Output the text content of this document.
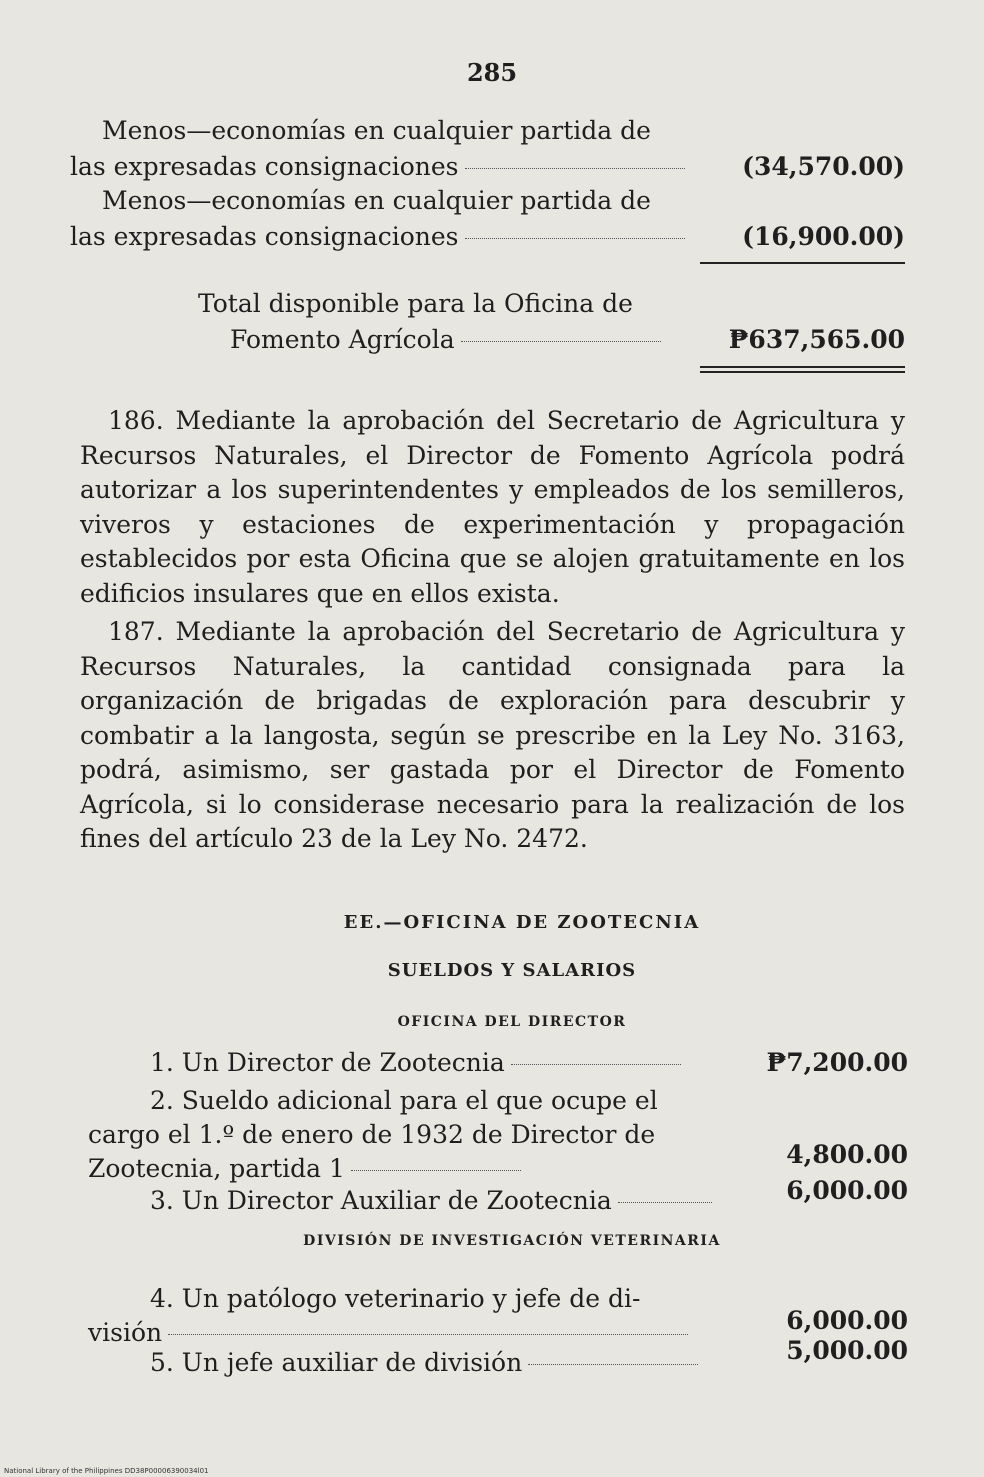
285
Menos—economías en cualquier partida de
las expresadas consignaciones	(34,570.00)
Menos—economías en cualquier partida de
las expresadas consignaciones	(16,900.00)
Total disponible para la Oficina de
Fomento Agrícola	₱637,565.00
186. Mediante la aprobación del Secretario de Agricultura y Recursos Naturales, el Director de Fomento Agrícola podrá autorizar a los superintendentes y empleados de los semilleros, viveros y estaciones de experimentación y propagación establecidos por esta Oficina que se alojen gratuitamente en los edificios insulares que en ellos exista.
187. Mediante la aprobación del Secretario de Agricultura y Recursos Naturales, la cantidad consignada para la organización de brigadas de exploración para descubrir y combatir a la langosta, según se prescribe en la Ley No. 3163, podrá, asimismo, ser gastada por el Director de Fomento Agrícola, si lo considerase necesario para la realización de los fines del artículo 23 de la Ley No. 2472.
EE.—OFICINA DE ZOOTECNIA
SUELDOS Y SALARIOS
OFICINA DEL DIRECTOR
1. Un Director de Zootecnia	₱7,200.00
2. Sueldo adicional para el que ocupe el
cargo el 1.º de enero de 1932 de Director de
Zootecnia, partida 1	4,800.00
3. Un Director Auxiliar de Zootecnia	6,000.00
DIVISIÓN DE INVESTIGACIÓN VETERINARIA
4. Un patólogo veterinario y jefe de di-
visión	6,000.00
5. Un jefe auxiliar de división	5,000.00
National Library of the Philippines DD38P00006390034l01
